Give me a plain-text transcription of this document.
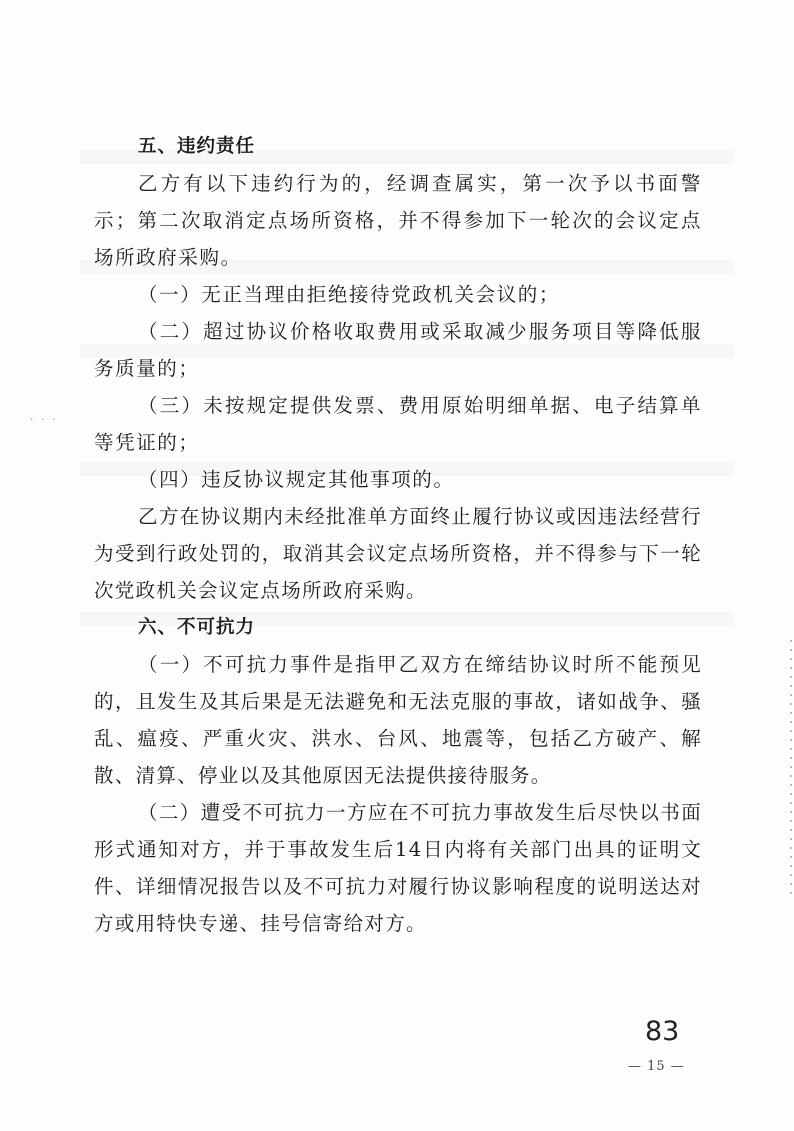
· · ·
五、违约责任

乙方有以下违约行为的，经调查属实，第一次予以书面警示；第二次取消定点场所资格，并不得参加下一轮次的会议定点场所政府采购。

（一）无正当理由拒绝接待党政机关会议的；

（二）超过协议价格收取费用或采取减少服务项目等降低服务质量的；

（三）未按规定提供发票、费用原始明细单据、电子结算单等凭证的；

（四）违反协议规定其他事项的。

乙方在协议期内未经批准单方面终止履行协议或因违法经营行为受到行政处罚的，取消其会议定点场所资格，并不得参与下一轮次党政机关会议定点场所政府采购。

六、不可抗力

（一）不可抗力事件是指甲乙双方在缔结协议时所不能预见的，且发生及其后果是无法避免和无法克服的事故，诸如战争、骚乱、瘟疫、严重火灾、洪水、台风、地震等，包括乙方破产、解散、清算、停业以及其他原因无法提供接待服务。

（二）遭受不可抗力一方应在不可抗力事故发生后尽快以书面形式通知对方，并于事故发生后14日内将有关部门出具的证明文件、详细情况报告以及不可抗力对履行协议影响程度的说明送达对方或用特快专递、挂号信寄给对方。

83
— 15 —
